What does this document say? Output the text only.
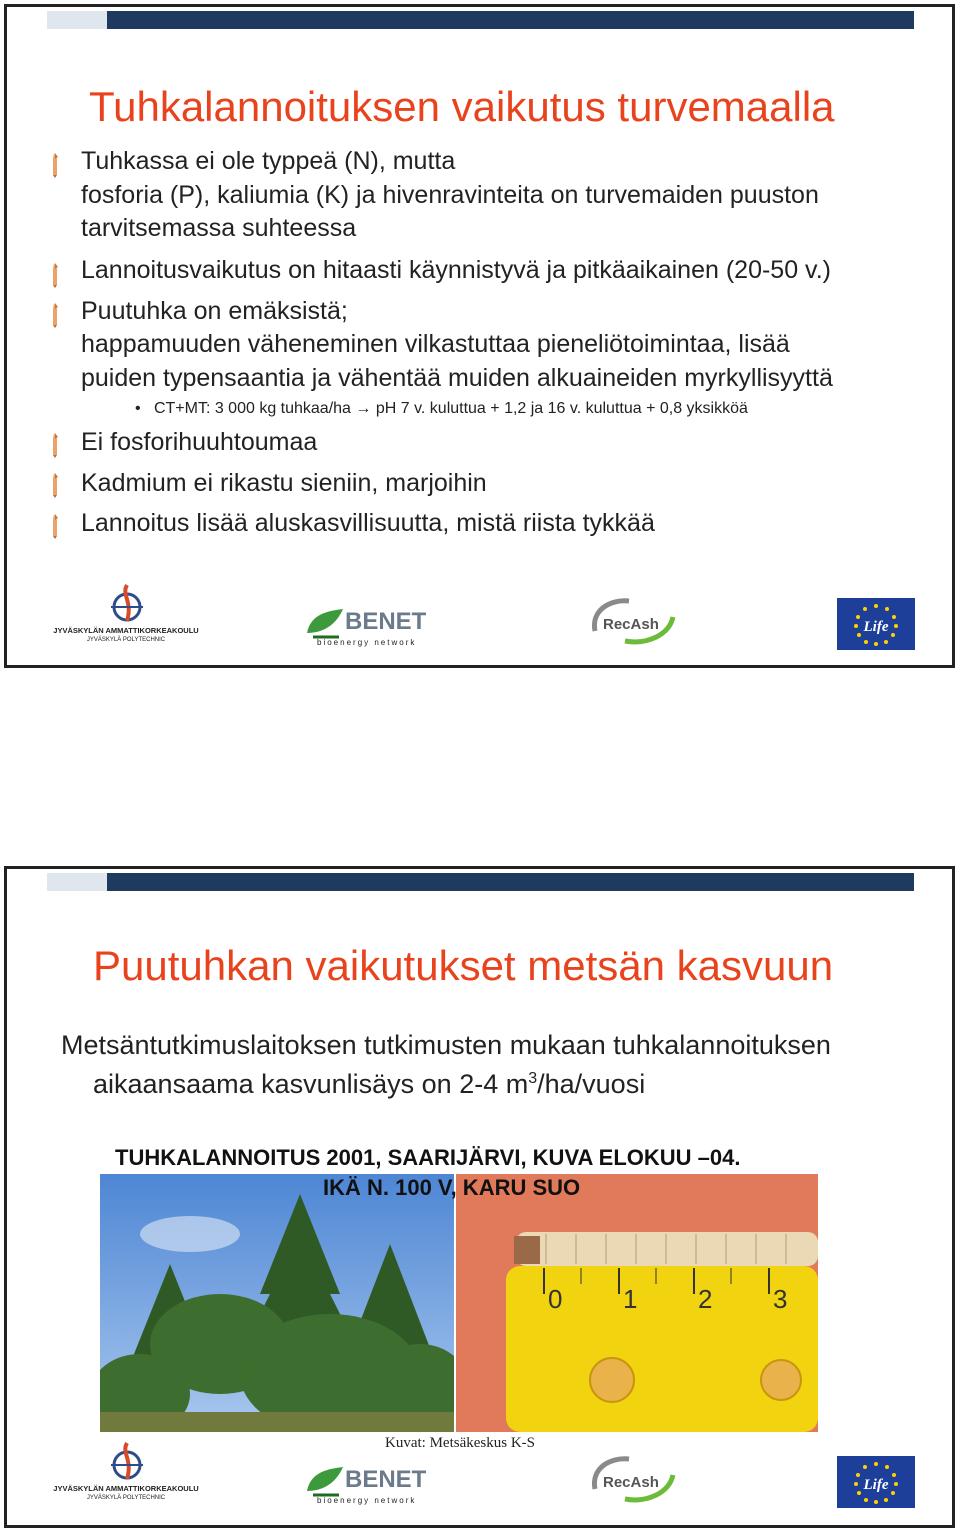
Tuhkalannoituksen vaikutus turvemaalla
Tuhkassa ei ole typpeä (N), mutta
fosforia (P), kaliumia (K) ja hivenravinteita on turvemaiden puuston
tarvitsemassa suhteessa
Lannoitusvaikutus on hitaasti käynnistyvä ja pitkäaikainen (20-50 v.)
Puutuhka on emäksistä;
happamuuden väheneminen vilkastuttaa pieneliötoimintaa, lisää
puiden typensaantia ja vähentää muiden alkuaineiden myrkyllisyyttä
•   CT+MT: 3 000 kg tuhkaa/ha → pH 7 v. kuluttua + 1,2 ja 16 v. kuluttua + 0,8 yksikköä
Ei fosforihuuhtoumaa
Kadmium ei rikastu sieniin, marjoihin
Lannoitus lisää aluskasvillisuutta, mistä riista tykkää
JYVÄSKYLÄN AMMATTIKORKEAKOULU
JYVÄSKYLÄ POLYTECHNIC
BENET
bioenergy network
RecAsh	Life
Puutuhkan vaikutukset metsän kasvuun
Metsäntutkimuslaitoksen tutkimusten mukaan tuhkalannoituksen
aikaansaama kasvunlisäys on 2-4 $m^3/ha$/vuosi
TUHKALANNOITUS 2001, SAARIJÄRVI, KUVA ELOKUU –04.
IKÄ N. 100 V, KARU SUO
0 1 2 3
Kuvat: Metsäkeskus K-S
JYVÄSKYLÄN AMMATTIKORKEAKOULU
JYVÄSKYLÄ POLYTECHNIC
BENET
bioenergy network
RecAsh	Life
